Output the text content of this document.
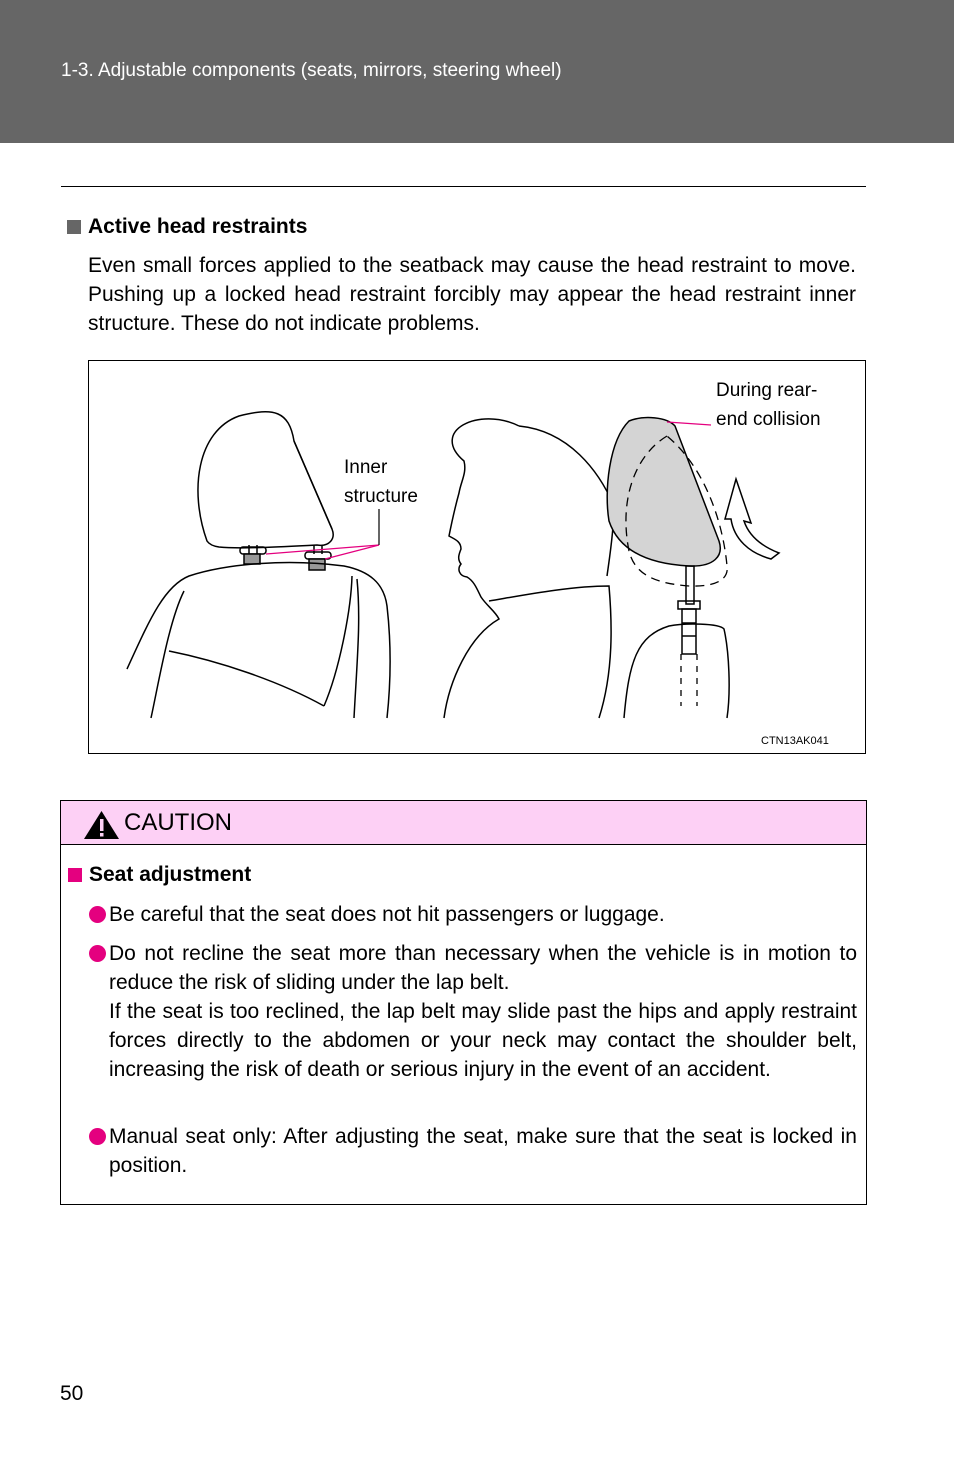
1-3. Adjustable components (seats, mirrors, steering wheel)
Active head restraints
Even small forces applied to the seatback may cause the head restraint to move. Pushing up a locked head restraint forcibly may appear the head restraint inner structure. These do not indicate problems.
Inner structure
During rear-end collision
CTN13AK041
CAUTION
Seat adjustment

Be careful that the seat does not hit passengers or luggage.

Do not recline the seat more than necessary when the vehicle is in motion to reduce the risk of sliding under the lap belt.

If the seat is too reclined, the lap belt may slide past the hips and apply restraint forces directly to the abdomen or your neck may contact the shoulder belt, increasing the risk of death or serious injury in the event of an accident.

Manual seat only: After adjusting the seat, make sure that the seat is locked in position.

50
